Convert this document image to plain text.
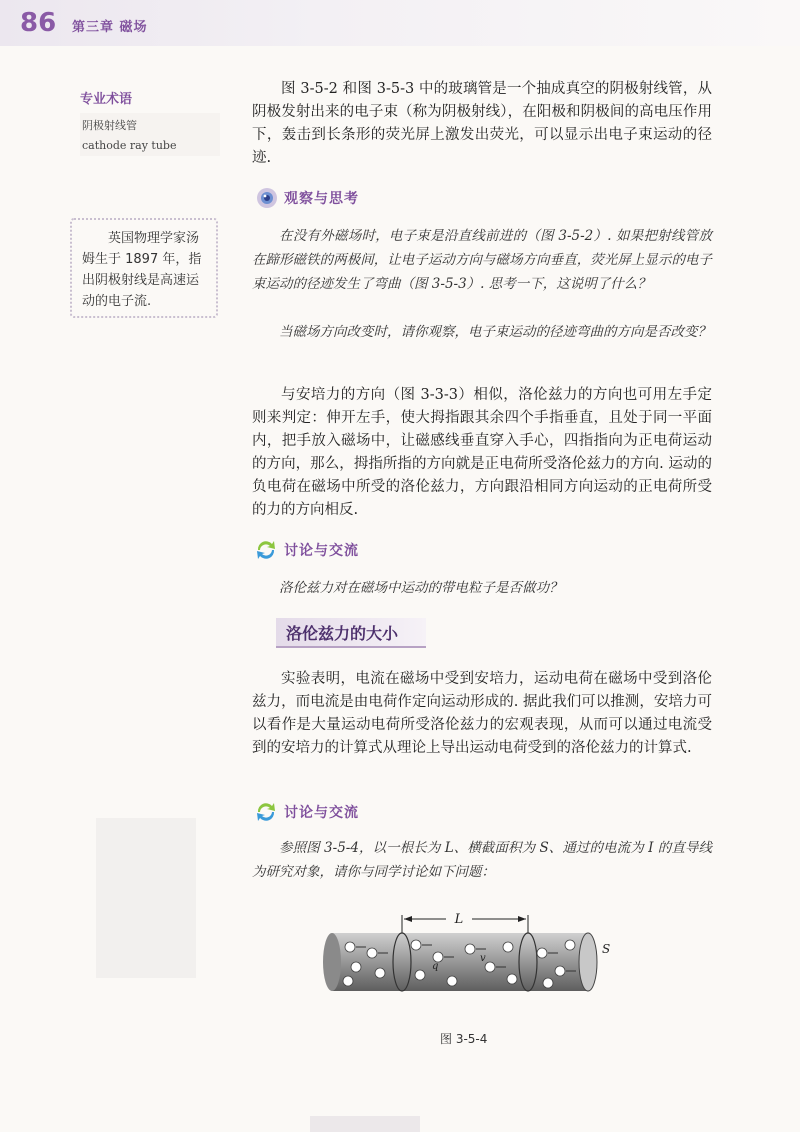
86 第三章 磁场
专业术语
阴极射线管
cathode ray tube
英国物理学家汤姆生于 1897 年，指出阴极射线是高速运动的电子流.
图 3-5-2 和图 3-5-3 中的玻璃管是一个抽成真空的阴极射线管，从阴极发射出来的电子束（称为阴极射线），在阳极和阴极间的高电压作用下，轰击到长条形的荧光屏上激发出荧光，可以显示出电子束运动的径迹.
观察与思考
在没有外磁场时，电子束是沿直线前进的（图 3-5-2）. 如果把射线管放在蹄形磁铁的两极间，让电子运动方向与磁场方向垂直，荧光屏上显示的电子束运动的径迹发生了弯曲（图 3-5-3）. 思考一下，这说明了什么？
当磁场方向改变时，请你观察，电子束运动的径迹弯曲的方向是否改变？
与安培力的方向（图 3-3-3）相似，洛伦兹力的方向也可用左手定则来判定：伸开左手，使大拇指跟其余四个手指垂直，且处于同一平面内，把手放入磁场中，让磁感线垂直穿入手心，四指指向为正电荷运动的方向，那么，拇指所指的方向就是正电荷所受洛伦兹力的方向. 运动的负电荷在磁场中所受的洛伦兹力，方向跟沿相同方向运动的正电荷所受的力的方向相反.
讨论与交流
洛伦兹力对在磁场中运动的带电粒子是否做功？
洛伦兹力的大小
实验表明，电流在磁场中受到安培力，运动电荷在磁场中受到洛伦兹力，而电流是由电荷作定向运动形成的. 据此我们可以推测，安培力可以看作是大量运动电荷所受洛伦兹力的宏观表现，从而可以通过电流受到的安培力的计算式从理论上导出运动电荷受到的洛伦兹力的计算式.
讨论与交流
参照图 3-5-4，以一根长为 L、横截面积为 S、通过的电流为 I 的直导线为研究对象，请你与同学讨论如下问题：
L
q
v
S
图 3-5-4
